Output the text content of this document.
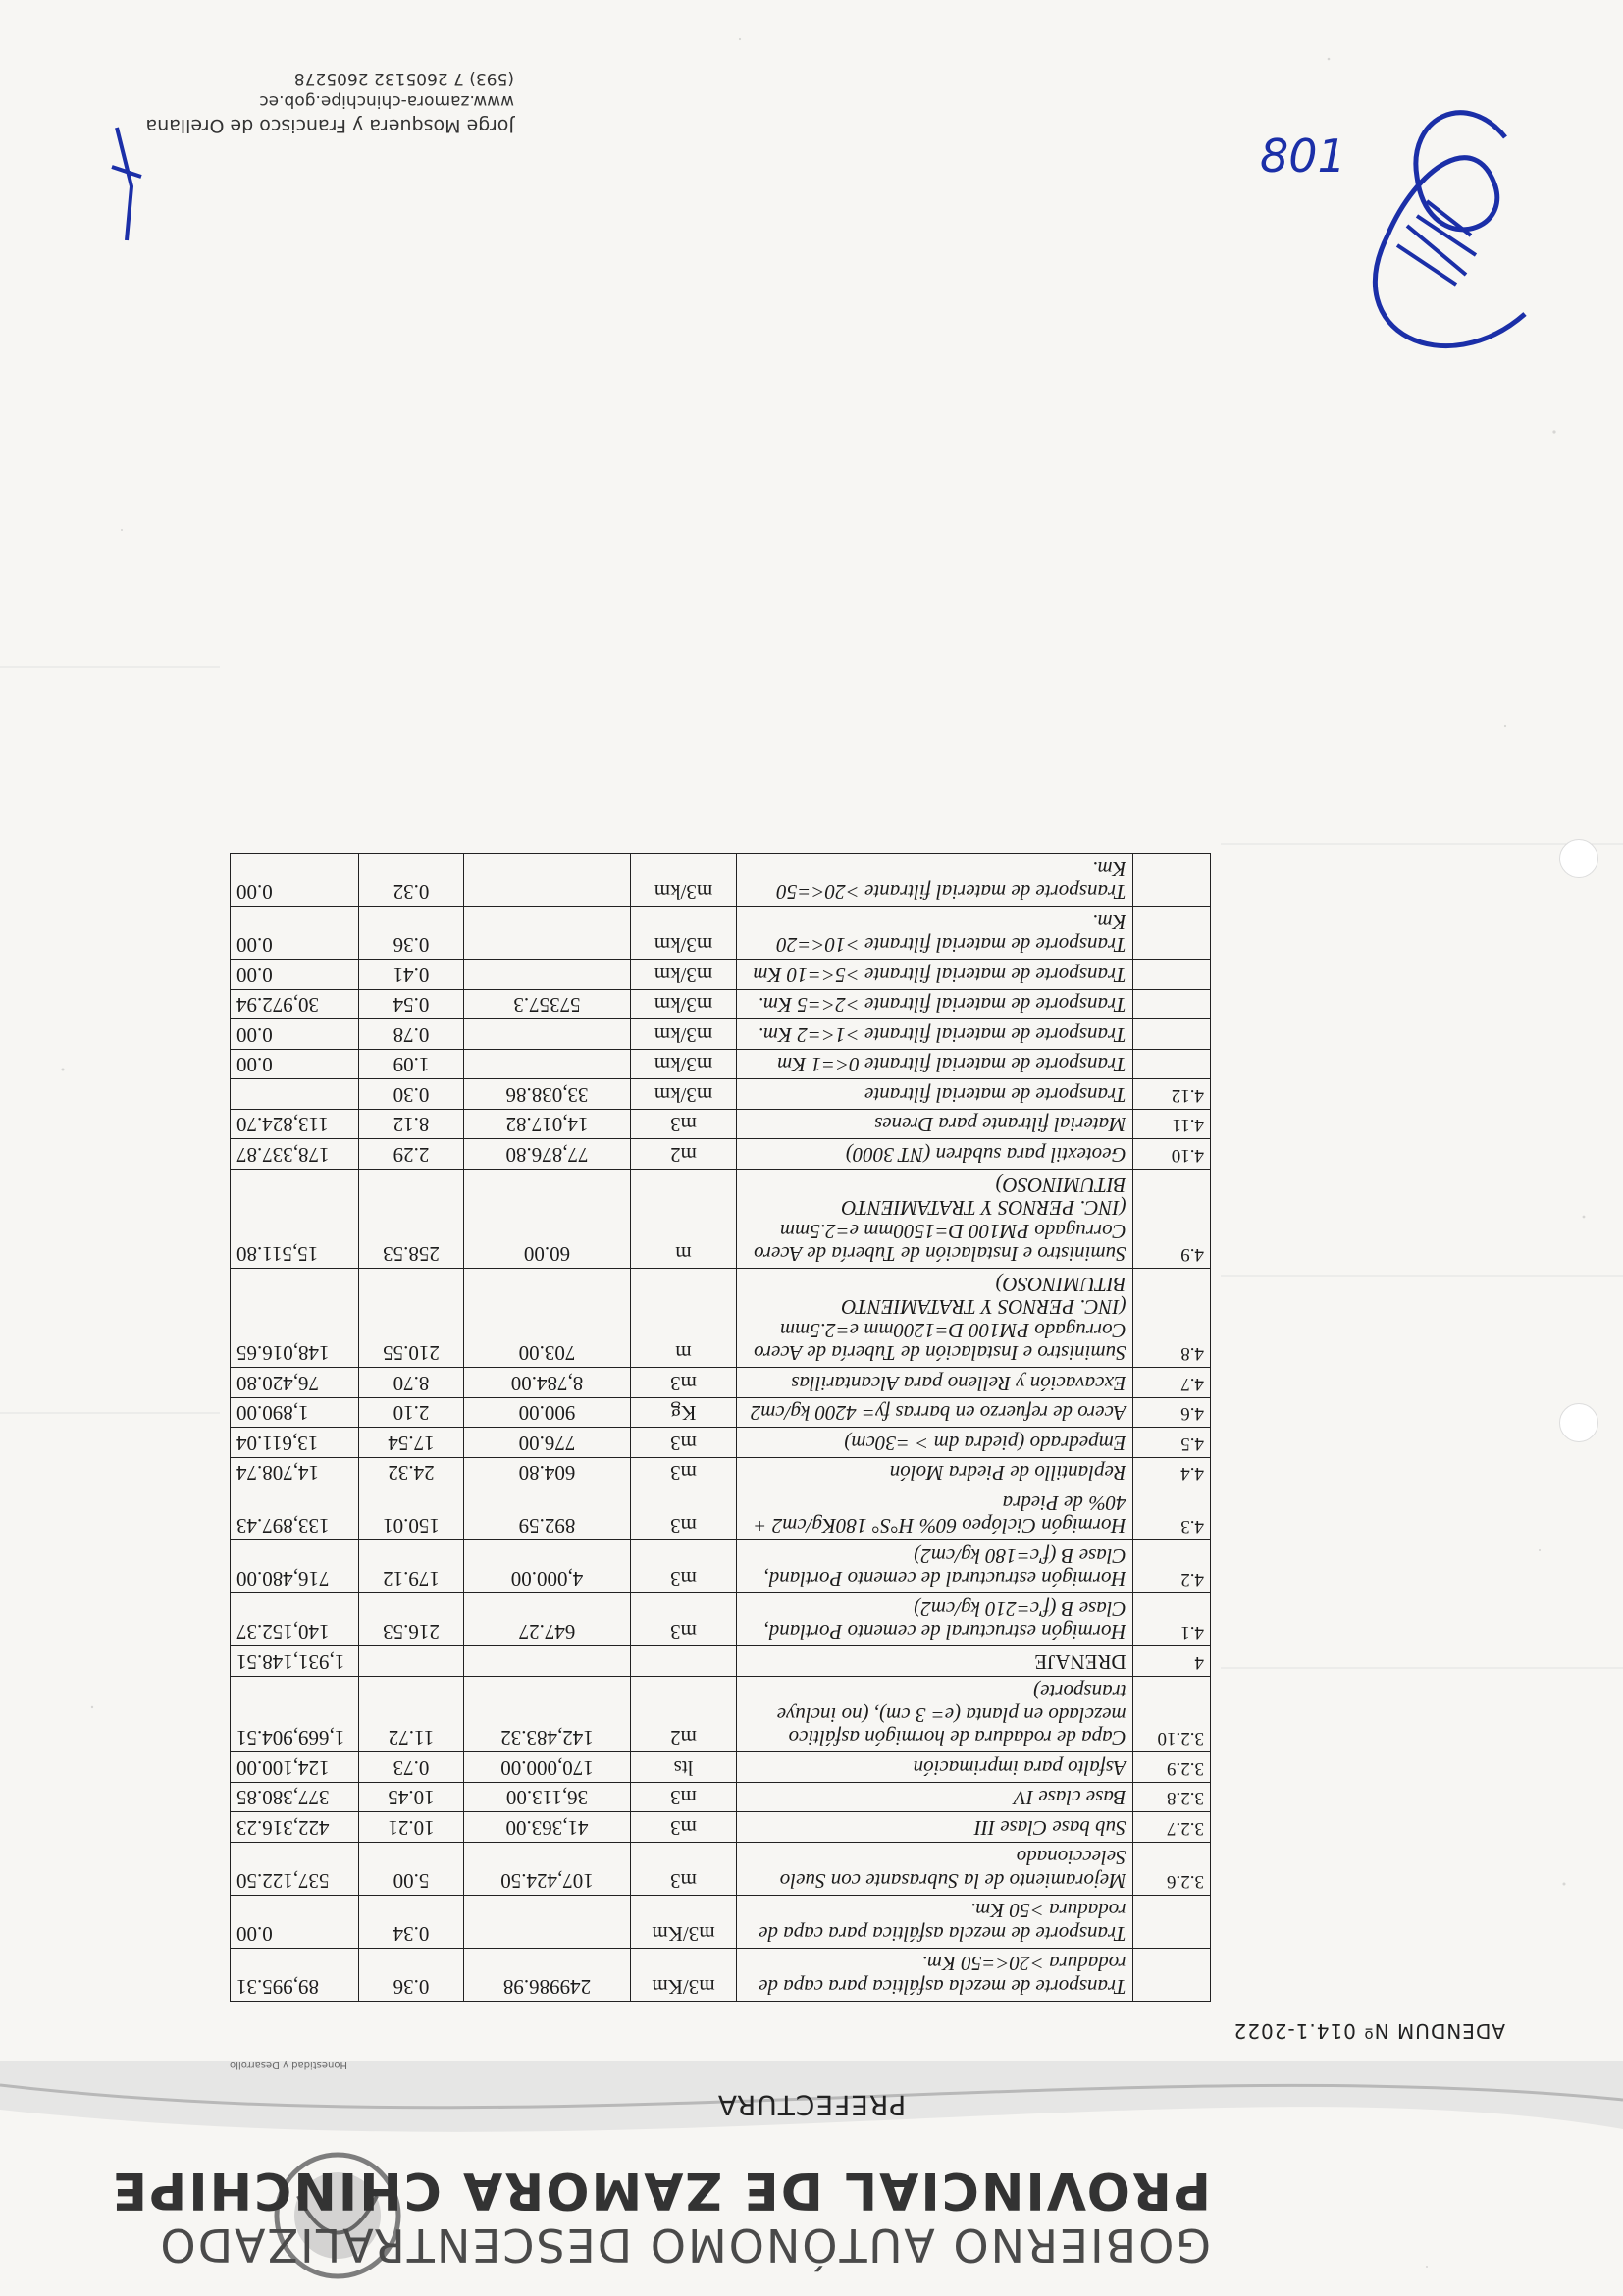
GOBIERNO AUTÓNOMO DESCENTRALIZADO
PROVINCIAL DE ZAMORA CHINCHIPE
Honestidad y Desarrollo
PREFECTURA
ADENDUM Nº 014.1-2022
	Transporte de mezcla asfáltica para capa de rodadura >20<=50 Km.	m3/Km	249986.98	0.36	89,995.31
	Transporte de mezcla asfáltica para capa de rodadura >50 Km.	m3/Km		0.34	0.00
3.2.6	Mejoramiento de la Subrasante con Suelo Seleccionado	m3	107,424.50	5.00	537,122.50
3.2.7	Sub base Clase III	m3	41,363.00	10.21	422,316.23
3.2.8	Base clase IV	m3	36,113.00	10.45	377,380.85
3.2.9	Asfalto para imprimación	lts	170,000.00	0.73	124,100.00
3.2.10	Capa de rodadura de hormigón asfáltico mezclado en planta (e= 3 cm), (no incluye transporte)	m2	142,483.32	11.72	1,669,904.51
4	DRENAJE				1,931,148.51
4.1	Hormigón estructural de cemento Portland, Clase B (f'c=210 kg/cm2)	m3	647.27	216.53	140,152.37
4.2	Hormigón estructural de cemento Portland, Clase B (f'c=180 kg/cm2)	m3	4,000.00	179.12	716,480.00
4.3	Hormigón Ciclópeo 60% H°S° 180Kg/cm2 + 40% de Piedra	m3	892.59	150.01	133,897.43
4.4	Replantillo de Piedra Molón	m3	604.80	24.32	14,708.74
4.5	Empedrado (piedra dm > =30cm)	m3	776.00	17.54	13,611.04
4.6	Acero de refuerzo en barras fy= 4200 kg/cm2	Kg	900.00	2.10	1,890.00
4.7	Excavación y Relleno para Alcantarillas	m3	8,784.00	8.70	76,420.80
4.8	Suministro e Instalación de Tubería de Acero Corrugado PM100 D=1200mm e=2.5mm (INC. PERNOS Y TRATAMIENTO BITUMINOSO)	m	703.00	210.55	148,016.65
4.9	Suministro e Instalación de Tubería de Acero Corrugado PM100 D=1500mm e=2.5mm (INC. PERNOS Y TRATAMIENTO BITUMINOSO)	m	60.00	258.53	15,511.80
4.10	Geotextil para subdren (NT 3000)	m2	77,876.80	2.29	178,337.87
4.11	Material filtrante para Drenes	m3	14,017.82	8.12	113,824.70
4.12	Transporte de material filtrante	m3/km	33,038.86	0.30	
	Transporte de material filtrante 0<=1 Km	m3/km		1.09	0.00
	Transporte de material filtrante >1<=2 Km.	m3/km		0.78	0.00
	Transporte de material filtrante >2<=5 Km.	m3/km	57357.3	0.54	30,972.94
	Transporte de material filtrante >5<=10 Km	m3/km		0.41	0.00
	Transporte de material filtrante >10<=20 Km.	m3/km		0.36	0.00
	Transporte de material filtrante >20<=50 Km.	m3/km		0.32	0.00
801
Jorge Mosquera y Francisco de Orellana
www.zamora-chinchipe.gob.ec
(593) 7 2605132 2605278
